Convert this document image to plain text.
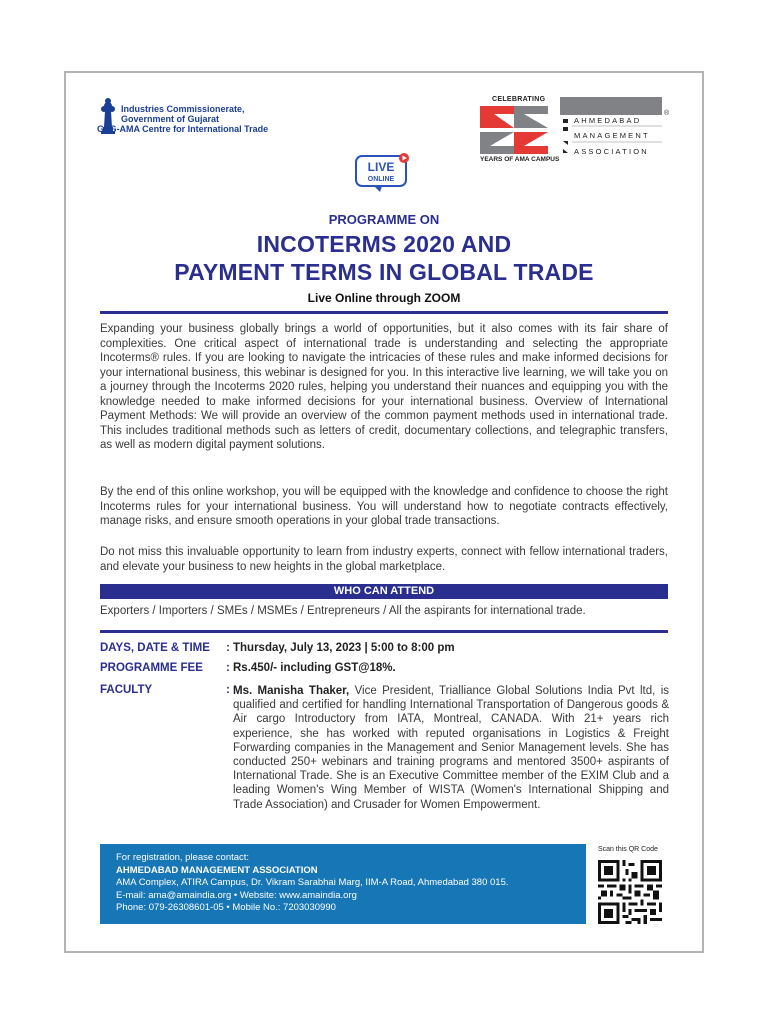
Industries Commissionerate,
Government of Gujarat
GoG-AMA Centre for International Trade
CELEBRATING
YEARS OF AMA CAMPUS
AHMEDABAD
MANAGEMENT
ASSOCIATION
®
LIVE
ONLINE
PROGRAMME ON
INCOTERMS 2020 AND
PAYMENT TERMS IN GLOBAL TRADE
Live Online through ZOOM
Expanding your business globally brings a world of opportunities, but it also comes with its fair share of complexities. One critical aspect of international trade is understanding and selecting the appropriate Incoterms® rules. If you are looking to navigate the intricacies of these rules and make informed decisions for your international business, this webinar is designed for you. In this interactive live learning, we will take you on a journey through the Incoterms 2020 rules, helping you understand their nuances and equipping you with the knowledge needed to make informed decisions for your international business. Overview of International Payment Methods: We will provide an overview of the common payment methods used in international trade. This includes traditional methods such as letters of credit, documentary collections, and telegraphic transfers, as well as modern digital payment solutions.
By the end of this online workshop, you will be equipped with the knowledge and confidence to choose the right Incoterms rules for your international business. You will understand how to negotiate contracts effectively, manage risks, and ensure smooth operations in your global trade transactions.
Do not miss this invaluable opportunity to learn from industry experts, connect with fellow international traders, and elevate your business to new heights in the global marketplace.
WHO CAN ATTEND
Exporters / Importers / SMEs / MSMEs / Entrepreneurs / All the aspirants for international trade.
DAYS, DATE & TIME : Thursday, July 13, 2023 | 5:00 to 8:00 pm
PROGRAMME FEE : Rs.450/- including GST@18%.
FACULTY	: Ms. Manisha Thaker, Vice President, Trialliance Global Solutions India Pvt ltd, is qualified and certified for handling International Transportation of Dangerous goods & Air cargo Introductory from IATA, Montreal, CANADA. With 21+ years rich experience, she has worked with reputed organisations in Logistics & Freight Forwarding companies in the Management and Senior Management levels. She has conducted 250+ webinars and training programs and mentored 3500+ aspirants of International Trade. She is an Executive Committee member of the EXIM Club and a leading Women's Wing Member of WISTA (Women's International Shipping and Trade Association) and Crusader for Women Empowerment.
For registration, please contact:
AHMEDABAD MANAGEMENT ASSOCIATION
AMA Complex, ATIRA Campus, Dr. Vikram Sarabhai Marg, IIM-A Road, Ahmedabad 380 015.
E-mail: ama@amaindia.org • Website: www.amaindia.org
Phone: 079-26308601-05 • Mobile No.: 7203030990
Scan this QR Code
